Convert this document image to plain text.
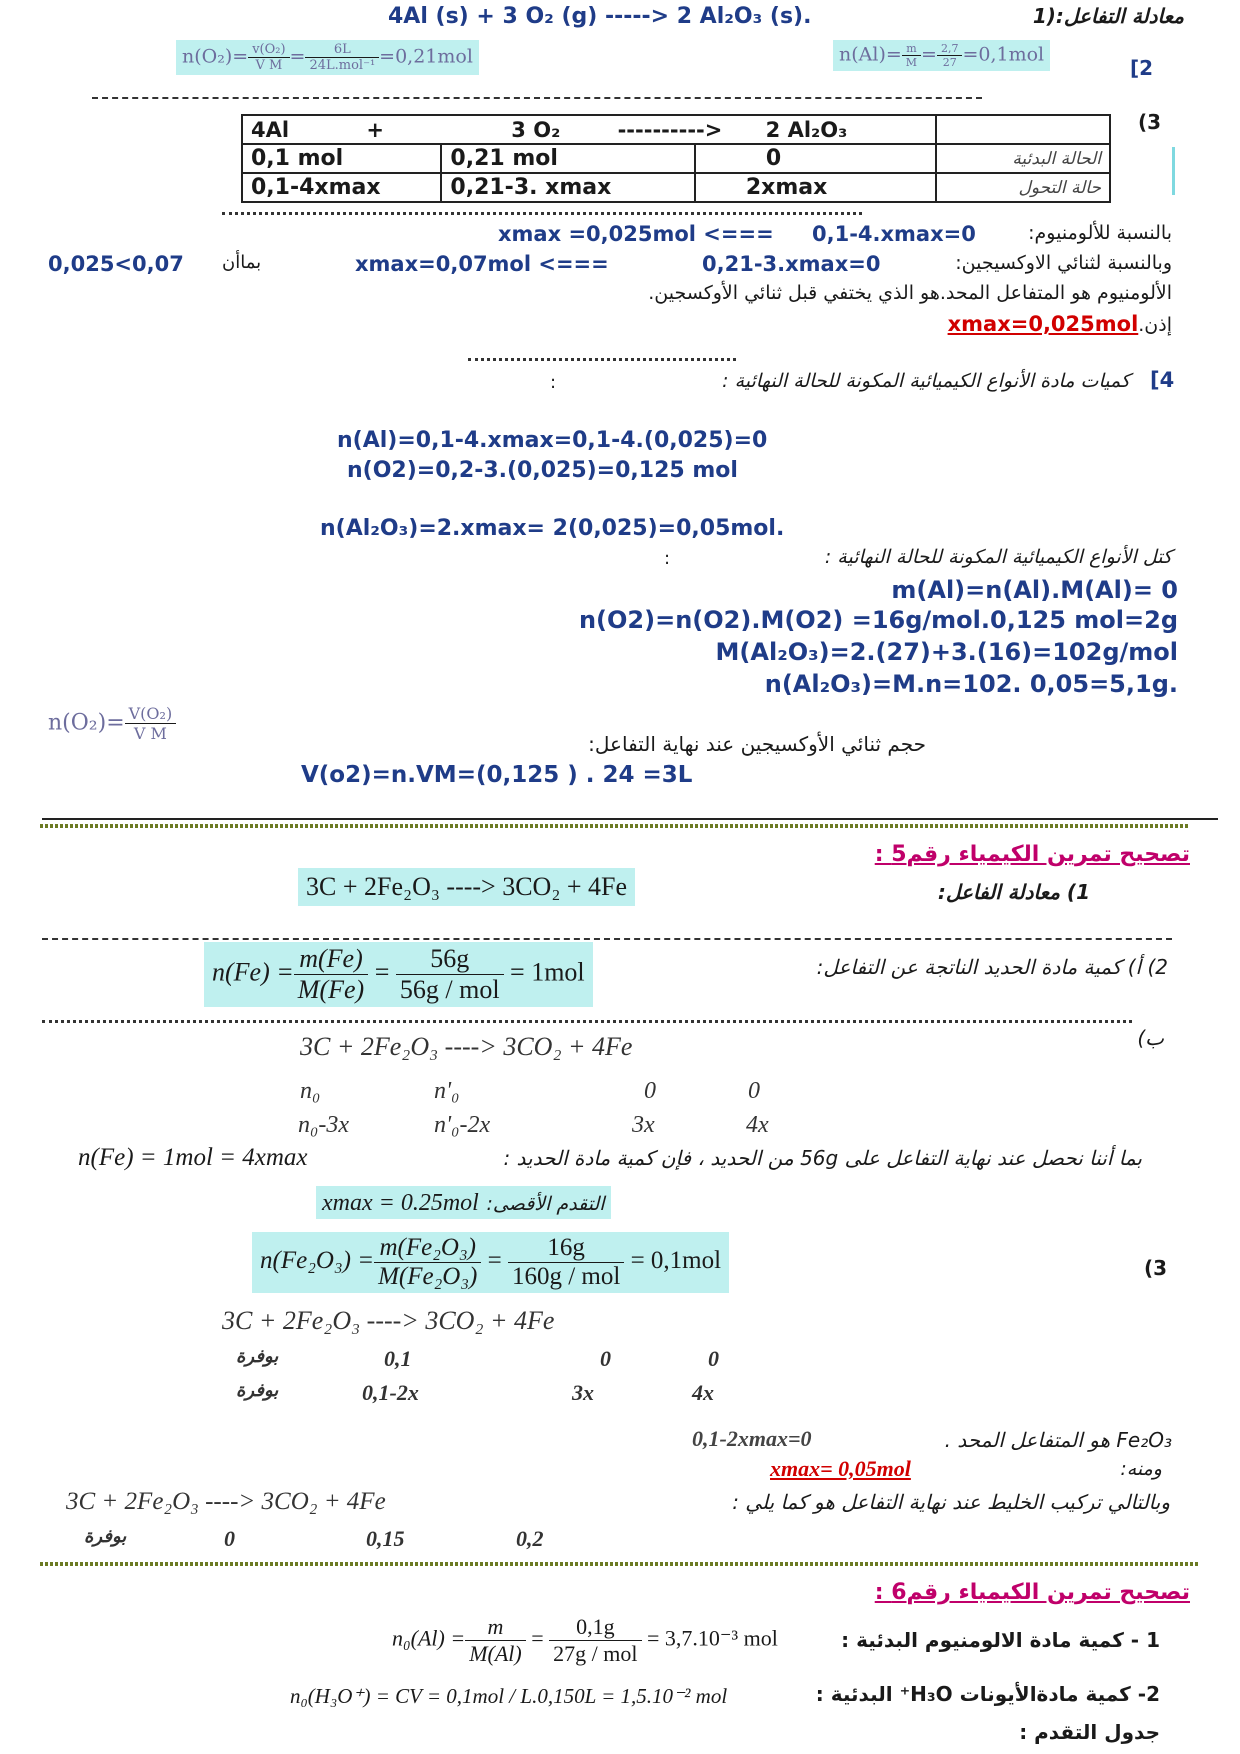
4Al (s) + 3 O₂ (g) -----> 2 Al₂O₃ (s).	معادلة التفاعل:(1
$n(O_2)= \frac{\text{v(O₂)}}{\text{V M}}$ =	6L
24L.mol⁻¹ =0,21mol	$n(Al)= \frac{m}{M} = \frac{2,7}{27} =0,1mol$
[2
(3
4Al + 3 O₂ ----------> 2 Al₂O₃			
0,1 mol	0,21 mol	0	الحالة البدئية
0,1-4xmax	0,21-3. xmax	2xmax	حالة التحول
بالنسبة للألومنيوم:
0,1-4.xmax=0
xmax =0,025mol <===
وبالنسبة لثنائي الاوكسيجين:
0,21-3.xmax=0
xmax=0,07mol <===
بماأن
0,025<0,07
الألومنيوم هو المتفاعل المحد.هو الذي يختفي قبل ثنائي الأوكسجين.
إذن.xmax=0,025mol
[4
كميات مادة الأنواع الكيميائية المكونة للحالة النهائية :
:
n(Al)=0,1-4.xmax=0,1-4.(0,025)=0
n(O2)=0,2-3.(0,025)=0,125 mol
n(Al₂O₃)=2.xmax= 2(0,025)=0,05mol.
كتل الأنواع الكيميائية المكونة للحالة النهائية :
:
m(Al)=n(Al).M(Al)= 0
n(O2)=n(O2).M(O2) =16g/mol.0,125 mol=2g
M(Al₂O₃)=2.(27)+3.(16)=102g/mol
n(Al₂O₃)=M.n=102. 0,05=5,1g.
$n(O_2)= \frac{\text{V(O₂)}}{\text{V M}}$
حجم ثنائي الأوكسيجين عند نهاية التفاعل:
V(o2)=n.VM=(0,125 ) . 24 =3L
تصحيح تمرين الكيمياء رقم5 :
1) معادلة الفاعل:
3C + 2Fe₂O₃ ----> 3CO₂ + 4Fe
2) أ) كمية مادة الحديد الناتجة عن التفاعل:
$n(Fe) = \frac{m(Fe)}{M(Fe)}$ =	56g
56g / mol
= 1mol
ب)
3C + 2Fe₂O₃ ----> 3CO₂ + 4Fe
n₀	n'₀	0	0
n₀-3x	n'₀-2x	3x	4x
بما أننا نحصل عند نهاية التفاعل على 56g من الحديد ، فإن كمية مادة الحديد :
n(Fe) = 1mol = 4xmax
xmax = 0.25mol التقدم الأقصى:
(3
$n(Fe_2O_3) = \frac{\text{m(Fe₂O₃)}}{\text{M(Fe₂O₃)}}$ =	16g
160g / mol
= 0,1mol
3C + 2Fe₂O₃ ----> 3CO₂ + 4Fe
بوفرة	0,1	0	0
بوفرة	0,1-2x	3x	4x
Fe₂O₃ هو المتفاعل المحد .
0,1-2xmax=0
ومنه:
xmax= 0,05mol
وبالتالي تركيب الخليط عند نهاية التفاعل هو كما يلي :
3C + 2Fe₂O₃ ----> 3CO₂ + 4Fe
بوفرة	0	0,15	0,2
تصحيح تمرين الكيمياء رقم6 :
1 - كمية مادة الالومنيوم البدئية :
$n_0(Al) = \frac{m}{M(Al)}$ =	0,1g
27g / mol
= 3,7.10⁻³ mol
2- كمية مادةالأيونات H₃O⁺ البدئية :
n₀(H₃O⁺) = CV = 0,1mol / L.0,150L = 1,5.10⁻² mol
جدول التقدم :
